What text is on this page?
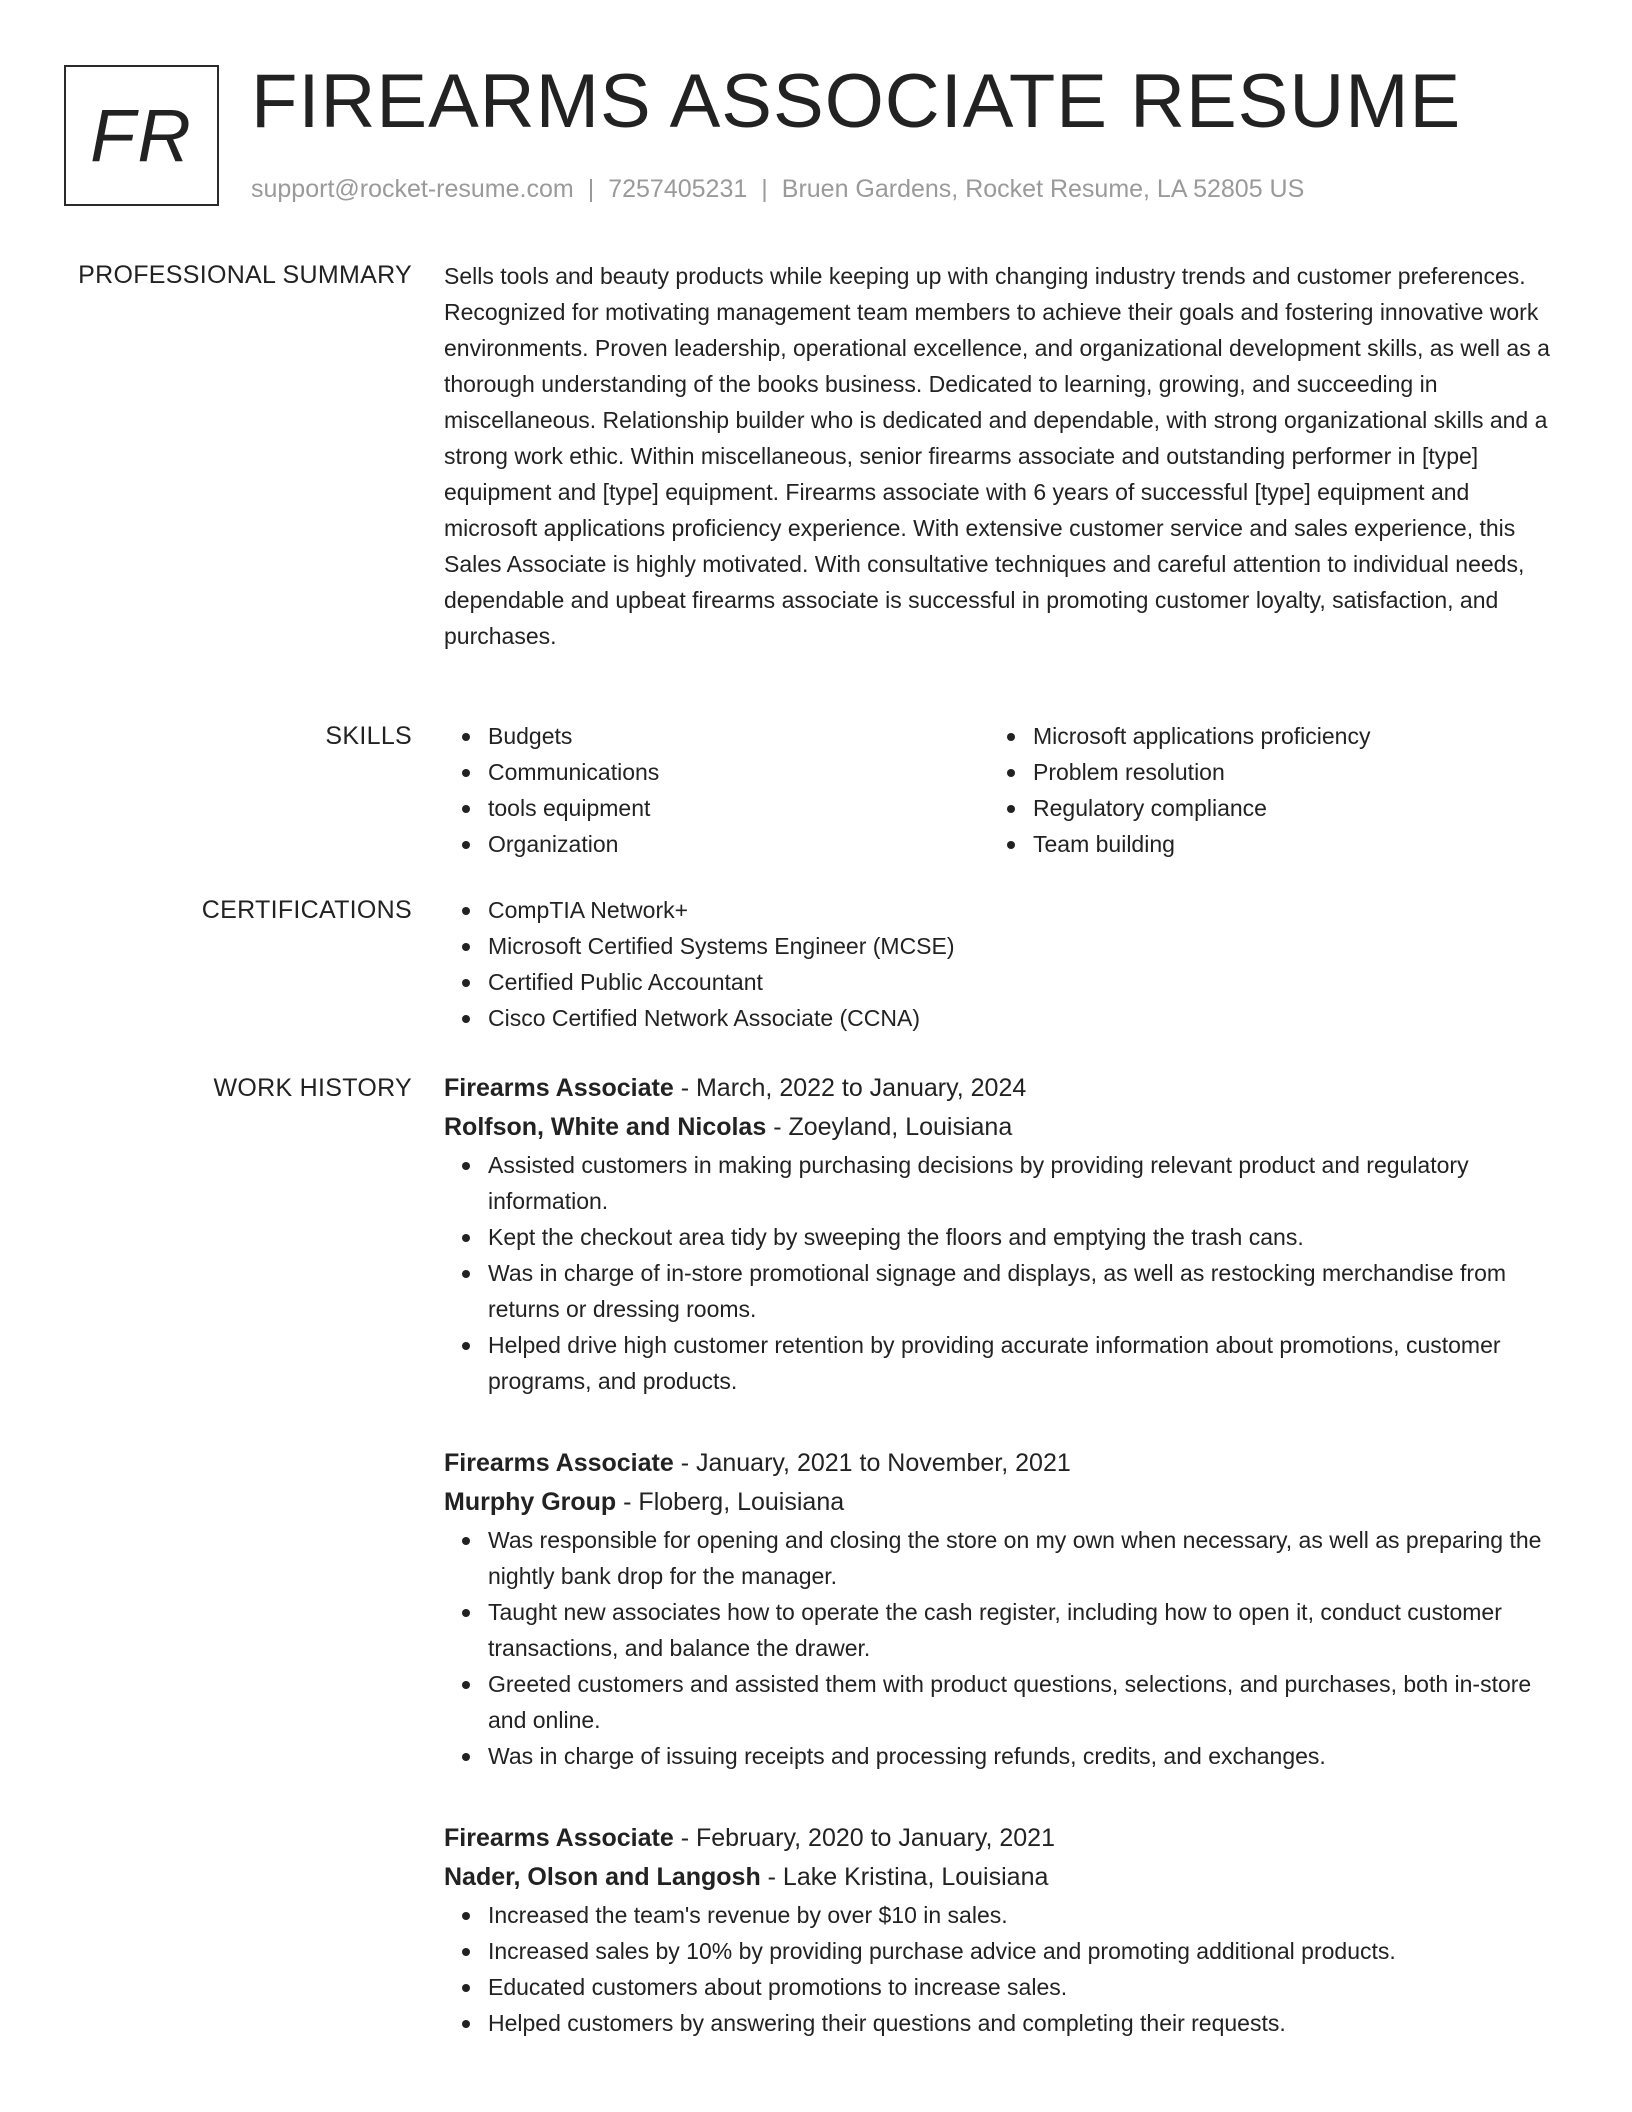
FR FIREARMS ASSOCIATE RESUME
support@rocket-resume.com | 7257405231 | Bruen Gardens, Rocket Resume, LA 52805 US
PROFESSIONAL SUMMARY Sells tools and beauty products while keeping up with changing industry trends and customer preferences. Recognized for motivating management team members to achieve their goals and fostering innovative work environments. Proven leadership, operational excellence, and organizational development skills, as well as a thorough understanding of the books business. Dedicated to learning, growing, and succeeding in miscellaneous. Relationship builder who is dedicated and dependable, with strong organizational skills and a strong work ethic. Within miscellaneous, senior firearms associate and outstanding performer in [type] equipment and [type] equipment. Firearms associate with 6 years of successful [type] equipment and microsoft applications proficiency experience. With extensive customer service and sales experience, this Sales Associate is highly motivated. With consultative techniques and careful attention to individual needs, dependable and upbeat firearms associate is successful in promoting customer loyalty, satisfaction, and purchases.

SKILLS	Budgets
Communications
tools equipment
Organization
Microsoft applications proficiency
Problem resolution
Regulatory compliance
Team building
CERTIFICATIONS	CompTIA Network+
Microsoft Certified Systems Engineer (MCSE)
Certified Public Accountant
Cisco Certified Network Associate (CCNA)
WORK HISTORY Firearms Associate - March, 2022 to January, 2024
Rolfson, White and Nicolas - Zoeyland, Louisiana
Assisted customers in making purchasing decisions by providing relevant product and regulatory information.
Kept the checkout area tidy by sweeping the floors and emptying the trash cans.
Was in charge of in-store promotional signage and displays, as well as restocking merchandise from returns or dressing rooms.
Helped drive high customer retention by providing accurate information about promotions, customer programs, and products.
Firearms Associate - January, 2021 to November, 2021
Murphy Group - Floberg, Louisiana
Was responsible for opening and closing the store on my own when necessary, as well as preparing the nightly bank drop for the manager.
Taught new associates how to operate the cash register, including how to open it, conduct customer transactions, and balance the drawer.
Greeted customers and assisted them with product questions, selections, and purchases, both in-store and online.
Was in charge of issuing receipts and processing refunds, credits, and exchanges.
Firearms Associate - February, 2020 to January, 2021
Nader, Olson and Langosh - Lake Kristina, Louisiana
Increased the team's revenue by over $10 in sales.
Increased sales by 10% by providing purchase advice and promoting additional products.
Educated customers about promotions to increase sales.
Helped customers by answering their questions and completing their requests.
